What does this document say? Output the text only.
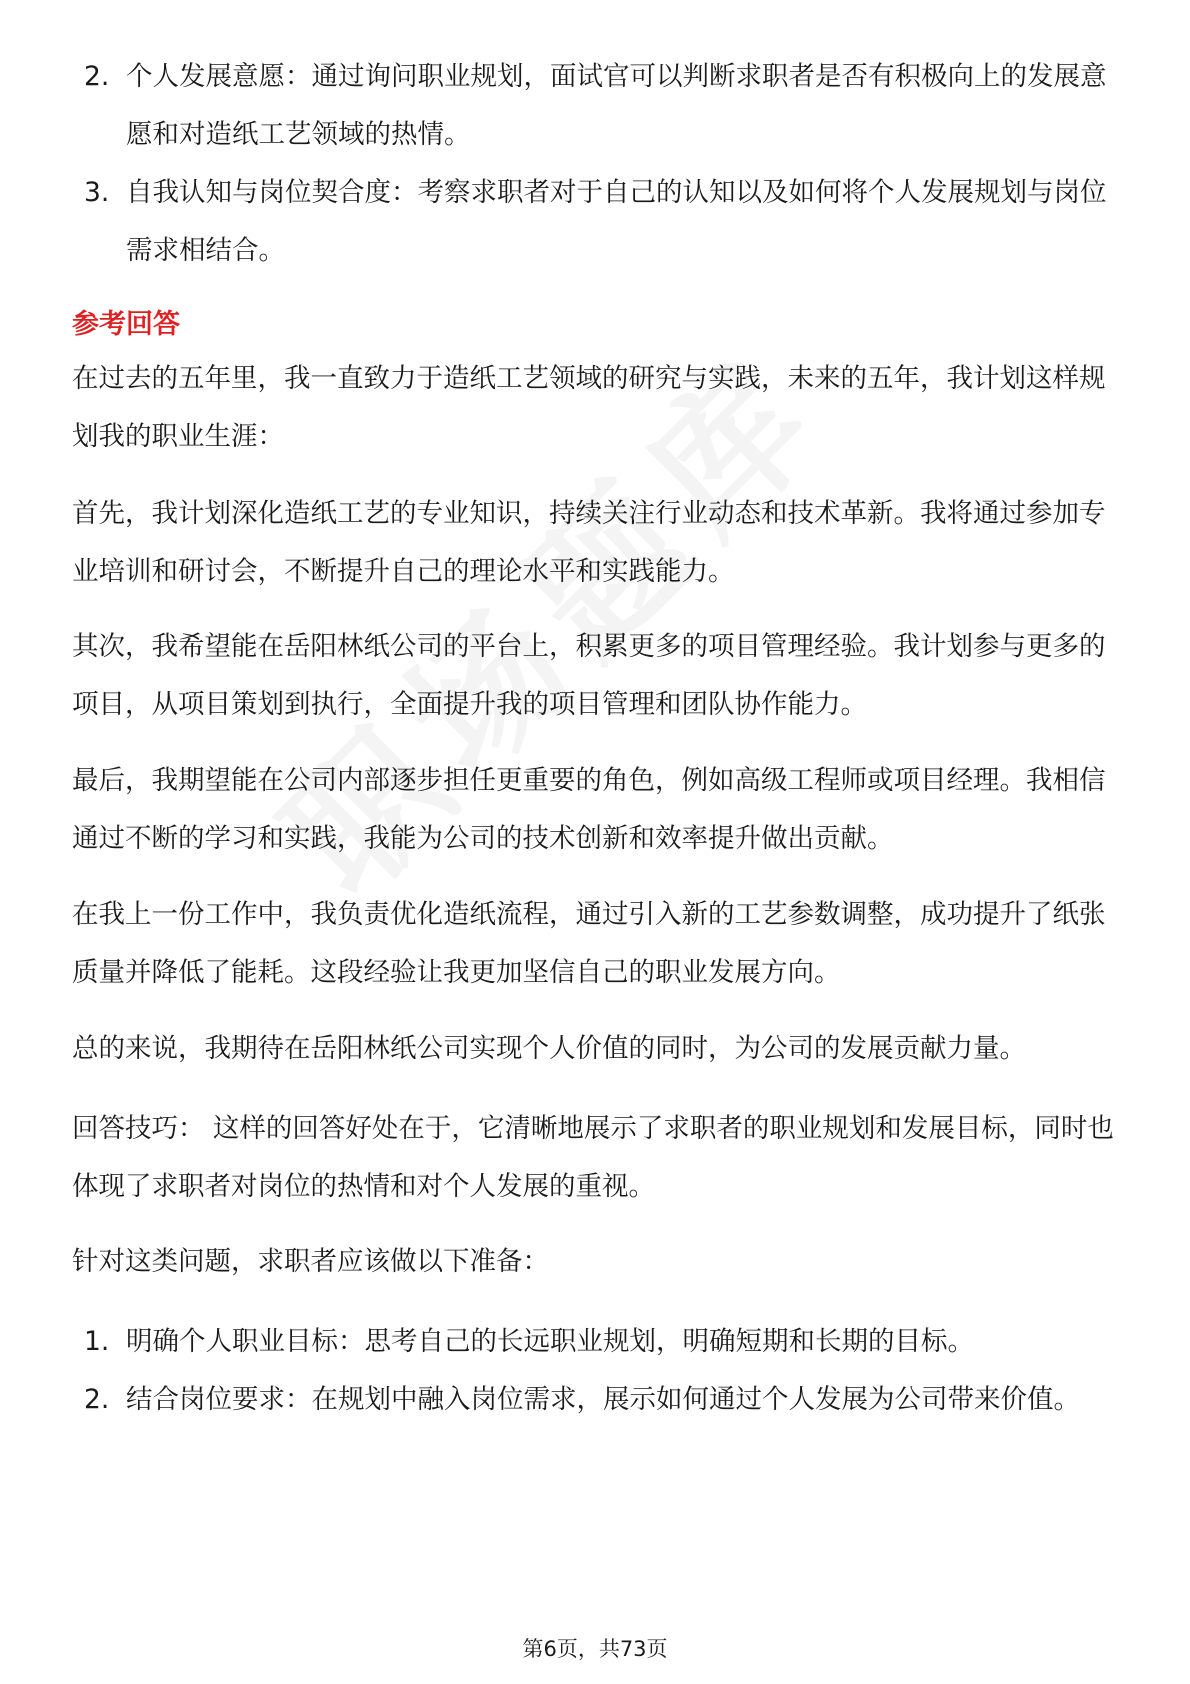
2. 个人发展意愿：通过询问职业规划，面试官可以判断求职者是否有积极向上的发展意愿和对造纸工艺领域的热情。
3. 自我认知与岗位契合度：考察求职者对于自己的认知以及如何将个人发展规划与岗位需求相结合。
参考回答

在过去的五年里，我一直致力于造纸工艺领域的研究与实践，未来的五年，我计划这样规划我的职业生涯：

首先，我计划深化造纸工艺的专业知识，持续关注行业动态和技术革新。我将通过参加专业培训和研讨会，不断提升自己的理论水平和实践能力。

其次，我希望能在岳阳林纸公司的平台上，积累更多的项目管理经验。我计划参与更多的项目，从项目策划到执行，全面提升我的项目管理和团队协作能力。

最后，我期望能在公司内部逐步担任更重要的角色，例如高级工程师或项目经理。我相信通过不断的学习和实践，我能为公司的技术创新和效率提升做出贡献。

在我上一份工作中，我负责优化造纸流程，通过引入新的工艺参数调整，成功提升了纸张质量并降低了能耗。这段经验让我更加坚信自己的职业发展方向。

总的来说，我期待在岳阳林纸公司实现个人价值的同时，为公司的发展贡献力量。

回答技巧： 这样的回答好处在于，它清晰地展示了求职者的职业规划和发展目标，同时也体现了求职者对岗位的热情和对个人发展的重视。

针对这类问题，求职者应该做以下准备：

1. 明确个人职业目标：思考自己的长远职业规划，明确短期和长期的目标。
2. 结合岗位要求：在规划中融入岗位需求，展示如何通过个人发展为公司带来价值。
第6页，共73页
